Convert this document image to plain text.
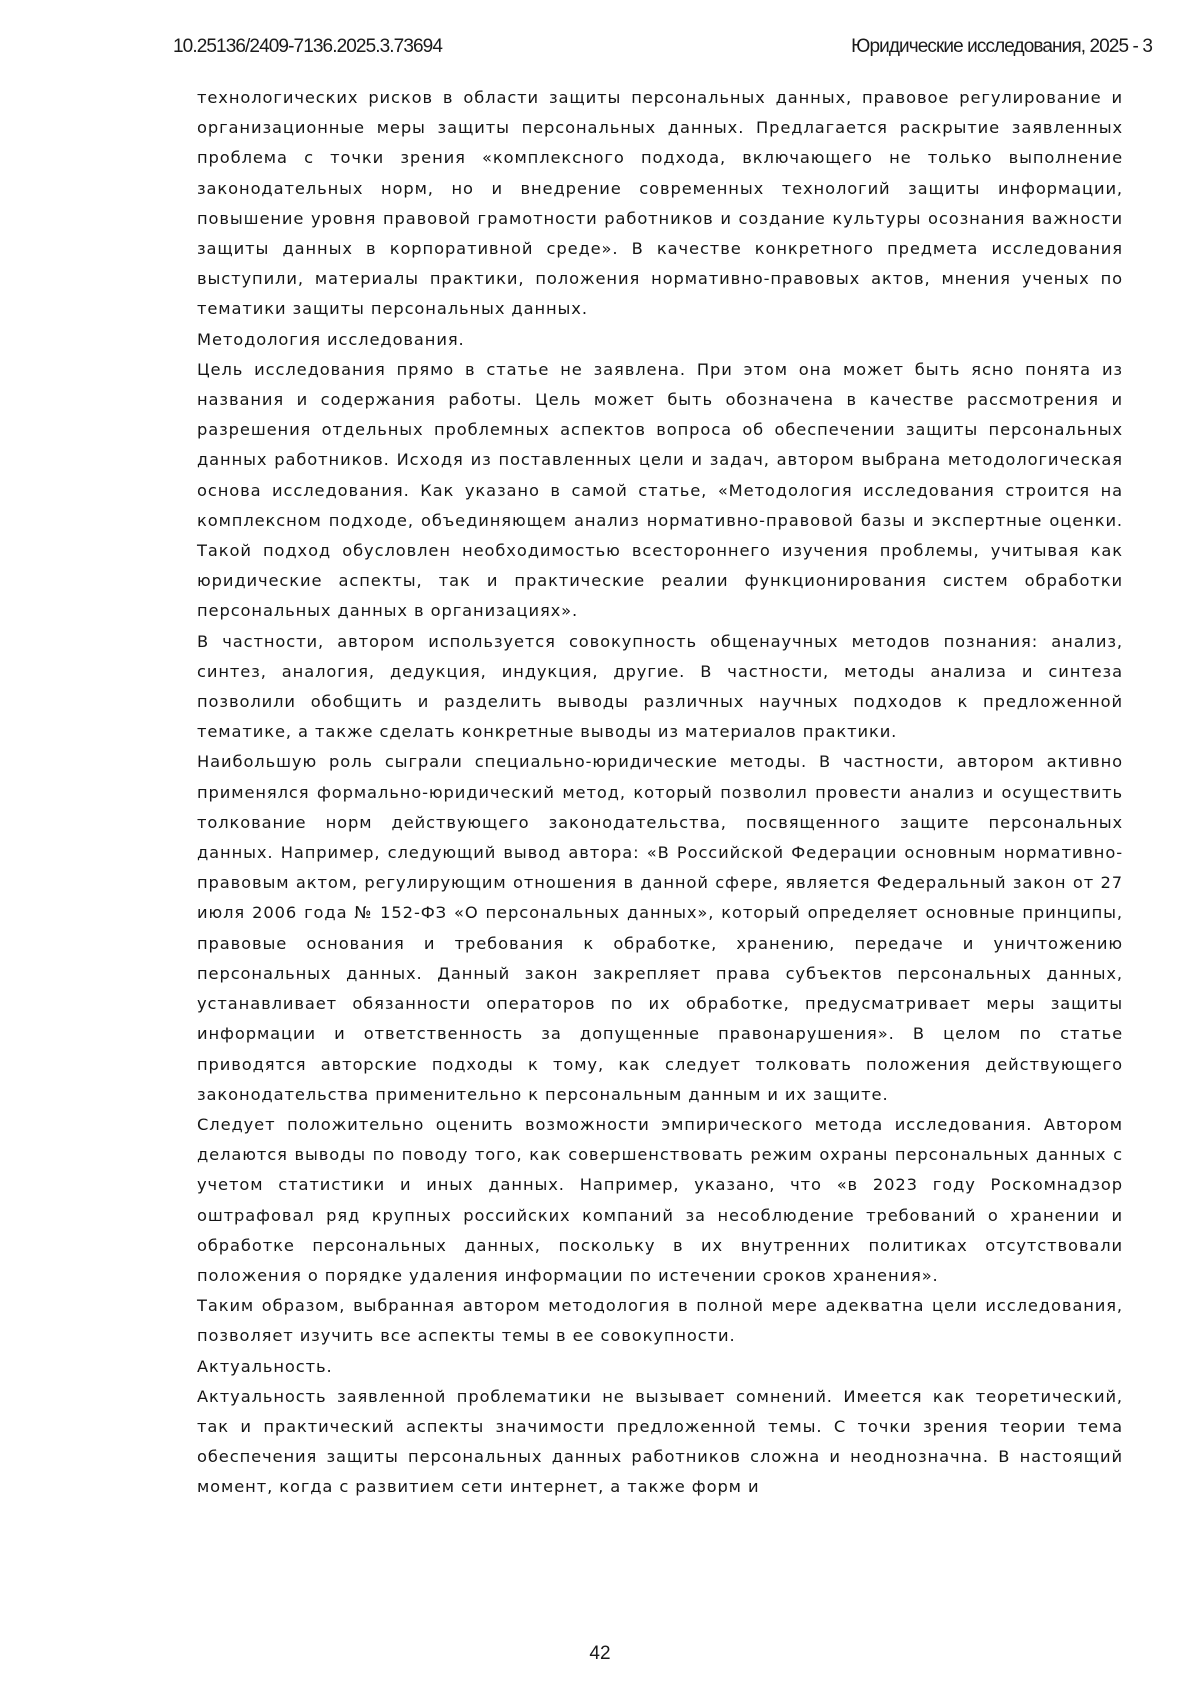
10.25136/2409-7136.2025.3.73694	Юридические исследования, 2025 - 3

технологических рисков в области защиты персональных данных, правовое регулирование и организационные меры защиты персональных данных. Предлагается раскрытие заявленных проблема с точки зрения «комплексного подхода, включающего не только выполнение законодательных норм, но и внедрение современных технологий защиты информации, повышение уровня правовой грамотности работников и создание культуры осознания важности защиты данных в корпоративной среде». В качестве конкретного предмета исследования выступили, материалы практики, положения нормативно-правовых актов, мнения ученых по тематики защиты персональных данных.

Методология исследования.

Цель исследования прямо в статье не заявлена. При этом она может быть ясно понята из названия и содержания работы. Цель может быть обозначена в качестве рассмотрения и разрешения отдельных проблемных аспектов вопроса об обеспечении защиты персональных данных работников. Исходя из поставленных цели и задач, автором выбрана методологическая основа исследования. Как указано в самой статье, «Методология исследования строится на комплексном подходе, объединяющем анализ нормативно-правовой базы и экспертные оценки. Такой подход обусловлен необходимостью всестороннего изучения проблемы, учитывая как юридические аспекты, так и практические реалии функционирования систем обработки персональных данных в организациях».

В частности, автором используется совокупность общенаучных методов познания: анализ, синтез, аналогия, дедукция, индукция, другие. В частности, методы анализа и синтеза позволили обобщить и разделить выводы различных научных подходов к предложенной тематике, а также сделать конкретные выводы из материалов практики.

Наибольшую роль сыграли специально-юридические методы. В частности, автором активно применялся формально-юридический метод, который позволил провести анализ и осуществить толкование норм действующего законодательства, посвященного защите персональных данных. Например, следующий вывод автора: «В Российской Федерации основным нормативно-правовым актом, регулирующим отношения в данной сфере, является Федеральный закон от 27 июля 2006 года № 152-ФЗ «О персональных данных», который определяет основные принципы, правовые основания и требования к обработке, хранению, передаче и уничтожению персональных данных. Данный закон закрепляет права субъектов персональных данных, устанавливает обязанности операторов по их обработке, предусматривает меры защиты информации и ответственность за допущенные правонарушения». В целом по статье приводятся авторские подходы к тому, как следует толковать положения действующего законодательства применительно к персональным данным и их защите.

Следует положительно оценить возможности эмпирического метода исследования. Автором делаются выводы по поводу того, как совершенствовать режим охраны персональных данных с учетом статистики и иных данных. Например, указано, что «в 2023 году Роскомнадзор оштрафовал ряд крупных российских компаний за несоблюдение требований о хранении и обработке персональных данных, поскольку в их внутренних политиках отсутствовали положения о порядке удаления информации по истечении сроков хранения».

Таким образом, выбранная автором методология в полной мере адекватна цели исследования, позволяет изучить все аспекты темы в ее совокупности.

Актуальность.

Актуальность заявленной проблематики не вызывает сомнений. Имеется как теоретический, так и практический аспекты значимости предложенной темы. С точки зрения теории тема обеспечения защиты персональных данных работников сложна и неоднозначна. В настоящий момент, когда с развитием сети интернет, а также форм и

42
